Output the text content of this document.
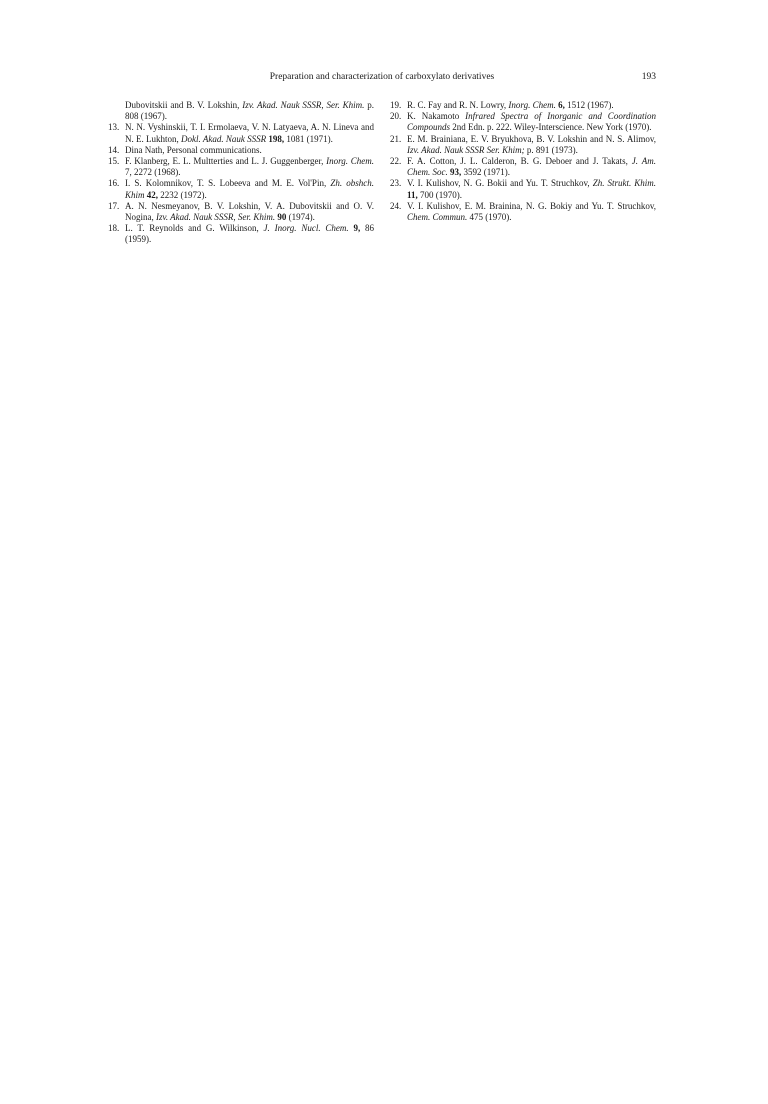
Preparation and characterization of carboxylato derivatives	193
Dubovitskii and B. V. Lokshin, Izv. Akad. Nauk SSSR, Ser. Khim. p. 808 (1967).
13. N. N. Vyshinskii, T. I. Ermolaeva, V. N. Latyaeva, A. N. Lineva and N. E. Lukhton, Dokl. Akad. Nauk SSSR 198, 1081 (1971).
14. Dina Nath, Personal communications.
15. F. Klanberg, E. L. Multterties and L. J. Guggenberger, Inorg. Chem. 7, 2272 (1968).
16. I. S. Kolomnikov, T. S. Lobeeva and M. E. Vol'Pin, Zh. obshch. Khim 42, 2232 (1972).
17. A. N. Nesmeyanov, B. V. Lokshin, V. A. Dubovitskii and O. V. Nogina, Izv. Akad. Nauk SSSR, Ser. Khim. 90 (1974).
18. L. T. Reynolds and G. Wilkinson, J. Inorg. Nucl. Chem. 9, 86 (1959).
19. R. C. Fay and R. N. Lowry, Inorg. Chem. 6, 1512 (1967).
20. K. Nakamoto Infrared Spectra of Inorganic and Coordination Compounds 2nd Edn. p. 222. Wiley-Interscience. New York (1970).
21. E. M. Brainiana, E. V. Bryukhova, B. V. Lokshin and N. S. Alimov, Izv. Akad. Nauk SSSR Ser. Khim; p. 891 (1973).
22. F. A. Cotton, J. L. Calderon, B. G. Deboer and J. Takats, J. Am. Chem. Soc. 93, 3592 (1971).
23. V. I. Kulishov, N. G. Bokii and Yu. T. Struchkov, Zh. Strukt. Khim. 11, 700 (1970).
24. V. I. Kulishov, E. M. Brainina, N. G. Bokiy and Yu. T. Struchkov, Chem. Commun. 475 (1970).
